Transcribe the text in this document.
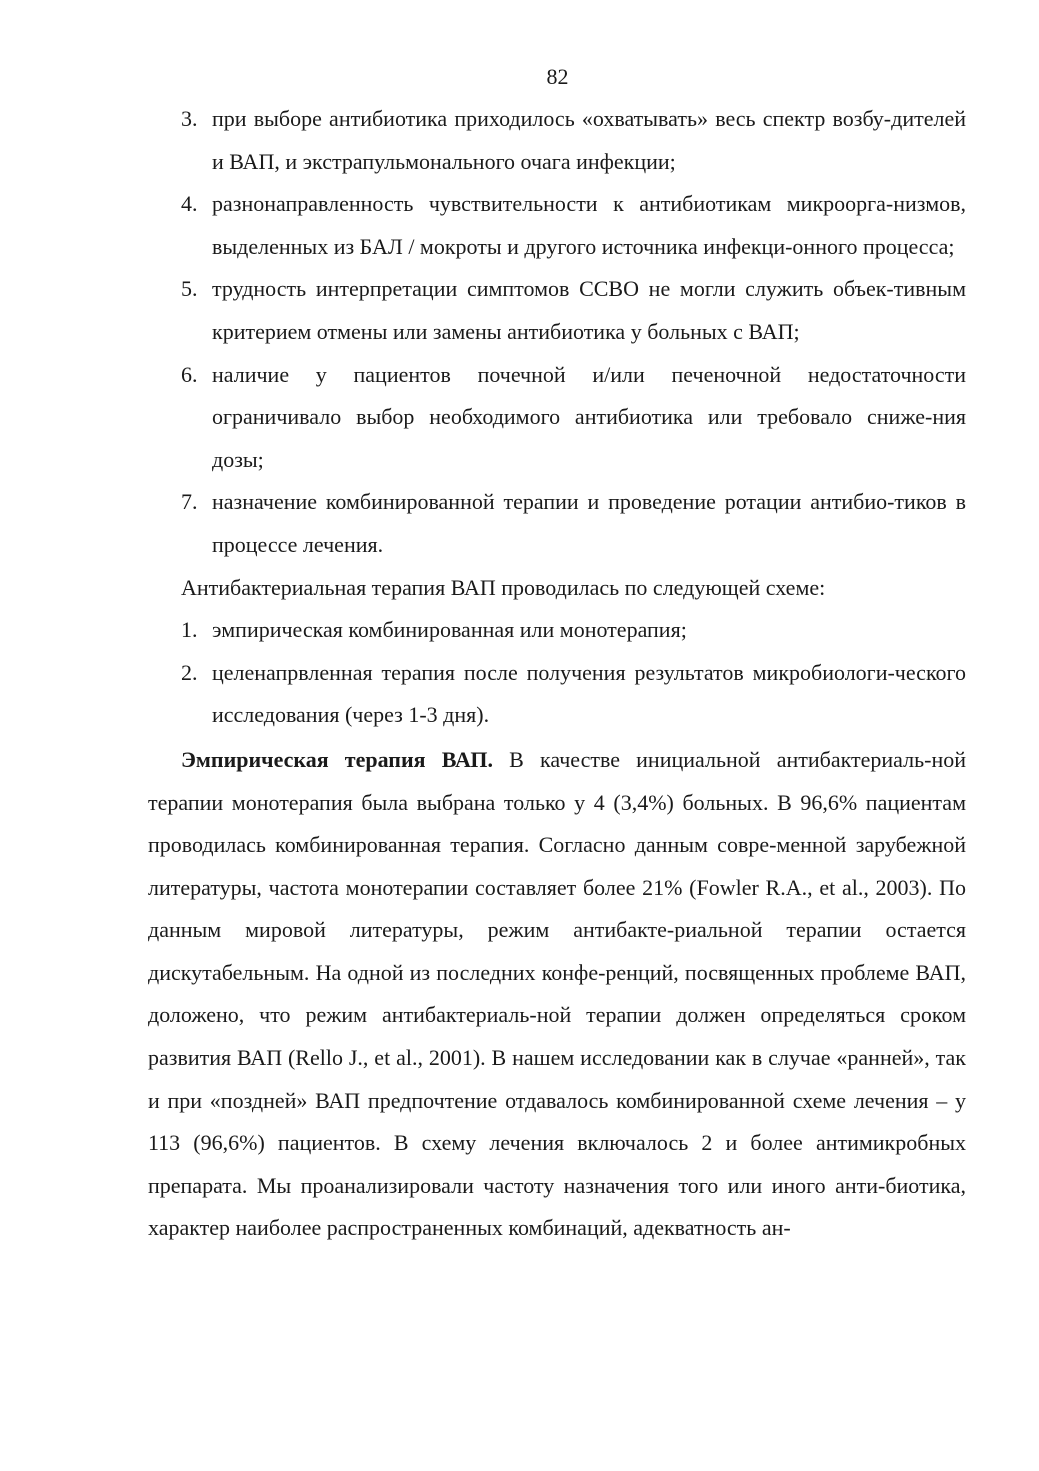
82
3. при выборе антибиотика приходилось «охватывать» весь спектр возбу-дителей и ВАП, и экстрапульмонального очага инфекции;
4. разнонаправленность чувствительности к антибиотикам микроорга-низмов, выделенных из БАЛ / мокроты и другого источника инфекци-онного процесса;
5. трудность интерпретации симптомов ССВО не могли служить объек-тивным критерием отмены или замены антибиотика у больных с ВАП;
6. наличие у пациентов почечной и/или печеночной недостаточности ограничивало выбор необходимого антибиотика или требовало сниже-ния дозы;
7. назначение комбинированной терапии и проведение ротации антибио-тиков в процессе лечения.

Антибактериальная терапия ВАП проводилась по следующей схеме:

1. эмпирическая комбинированная или монотерапия;
2. целенапрвленная терапия после получения результатов микробиологи-ческого исследования (через 1-3 дня).

Эмпирическая терапия ВАП. В качестве инициальной антибактериаль-ной терапии монотерапия была выбрана только у 4 (3,4%) больных. В 96,6% пациентам проводилась комбинированная терапия. Согласно данным совре-менной зарубежной литературы, частота монотерапии составляет более 21% (Fowler R.A., et al., 2003). По данным мировой литературы, режим антибакте-риальной терапии остается дискутабельным. На одной из последних конфе-ренций, посвященных проблеме ВАП, доложено, что режим антибактериаль-ной терапии должен определяться сроком развития ВАП (Rello J., et al., 2001). В нашем исследовании как в случае «ранней», так и при «поздней» ВАП предпочтение отдавалось комбинированной схеме лечения – у 113 (96,6%) пациентов. В схему лечения включалось 2 и более антимикробных препарата. Мы проанализировали частоту назначения того или иного анти-биотика, характер наиболее распространенных комбинаций, адекватность ан-
